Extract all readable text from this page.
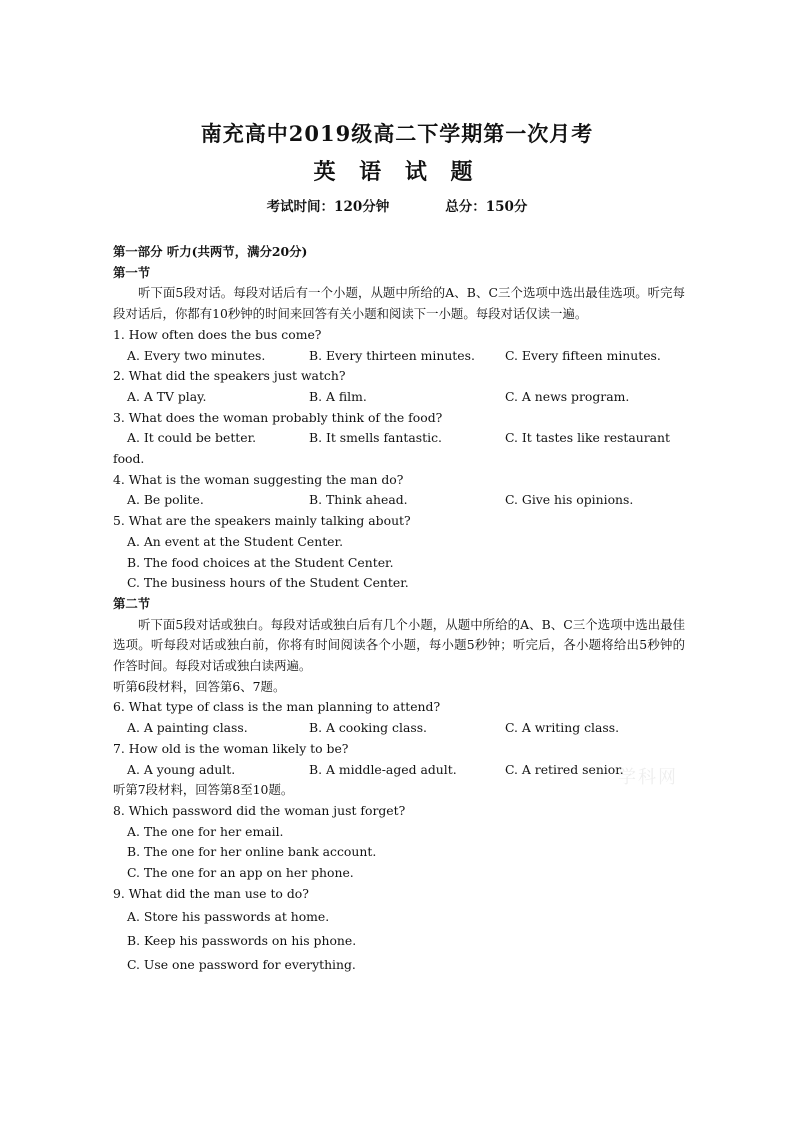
南充高中2019级高二下学期第一次月考
英 语 试 题
考试时间：120分钟	总分：150分

第一部分 听力(共两节，满分20分)

第一节

听下面5段对话。每段对话后有一个小题，从题中所给的A、B、C三个选项中选出最佳选项。听完每段对话后，你都有10秒钟的时间来回答有关小题和阅读下一小题。每段对话仅读一遍。

1. How often does the bus come?

A. Every two minutes.	B. Every thirteen minutes.	C. Every fifteen minutes.

2. What did the speakers just watch?

A. A TV play.	B. A film.	C. A news program.

3. What does the woman probably think of the food?

A. It could be better.	B. It smells fantastic.	C. It tastes like restaurant

food.

4. What is the woman suggesting the man do?

A. Be polite.	B. Think ahead.	C. Give his opinions.

5. What are the speakers mainly talking about?

A. An event at the Student Center.

B. The food choices at the Student Center.

C. The business hours of the Student Center.

第二节

听下面5段对话或独白。每段对话或独白后有几个小题，从题中所给的A、B、C三个选项中选出最佳选项。听每段对话或独白前，你将有时间阅读各个小题，每小题5秒钟；听完后，各小题将给出5秒钟的作答时间。每段对话或独白读两遍。

听第6段材料，回答第6、7题。

6. What type of class is the man planning to attend?

A. A painting class.	B. A cooking class.	C. A writing class.

7. How old is the woman likely to be?

A. A young adult.	B. A middle-aged adult.	C. A retired senior.

听第7段材料，回答第8至10题。

8. Which password did the woman just forget?

A. The one for her email.

B. The one for her online bank account.

C. The one for an app on her phone.

9. What did the man use to do?

A. Store his passwords at home.

B. Keep his passwords on his phone.

C. Use one password for everything.

学科网
